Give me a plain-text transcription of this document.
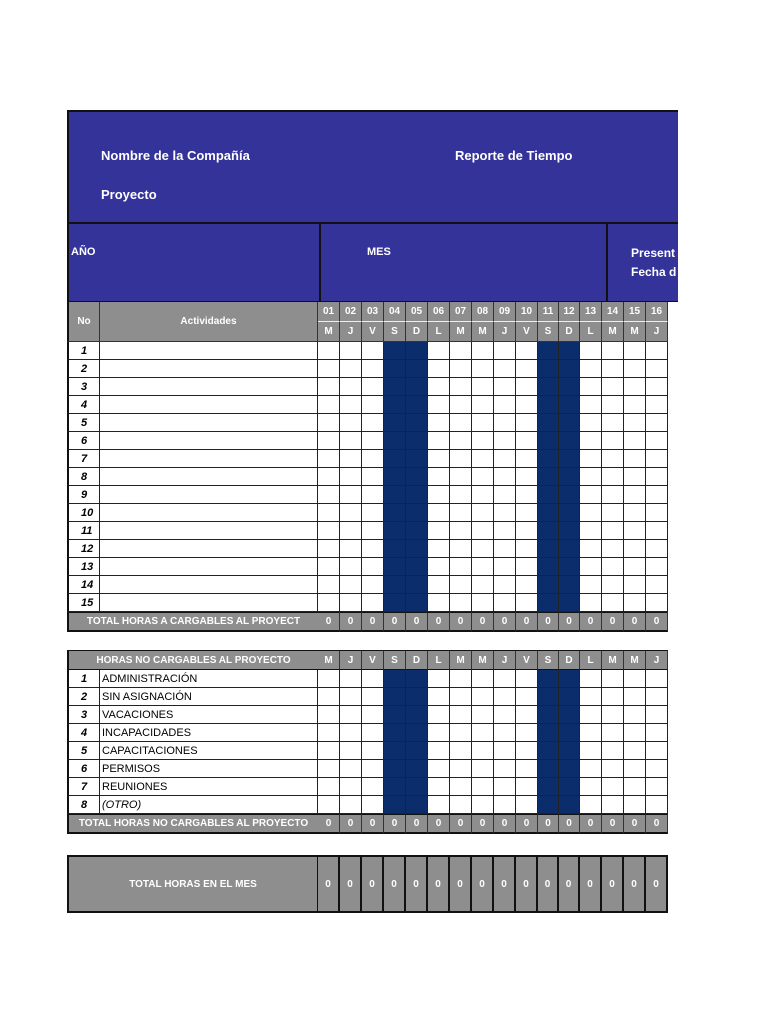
Nombre de la Compañía	Reporte de Tiempo
Proyecto
AÑO	MES	Present
Fecha d
No	Actividades
01	02	03	04	05	06	07	08	09	10	11	12	13	14	15	16
M	J	V	S	D	L	M	M	J	V	S	D	L	M	M	J
1
2
3
4
5
6
7
8
9
10
11
12
13
14
15
TOTAL HORAS A CARGABLES AL PROYECT	0	0	0	0	0	0	0	0	0	0	0	0	0	0	0	0
HORAS NO CARGABLES AL PROYECTO	M	J	V	S	D	L	M	M	J	V	S	D	L	M	M	J
1	ADMINISTRACIÓN
2	SIN ASIGNACIÓN
3	VACACIONES
4	INCAPACIDADES
5	CAPACITACIONES
6	PERMISOS
7	REUNIONES
8	(OTRO)
TOTAL HORAS NO CARGABLES AL PROYECTO	0	0	0	0	0	0	0	0	0	0	0	0	0	0	0	0
TOTAL HORAS EN EL MES	0	0	0	0	0	0	0	0	0	0	0	0	0	0	0	0
